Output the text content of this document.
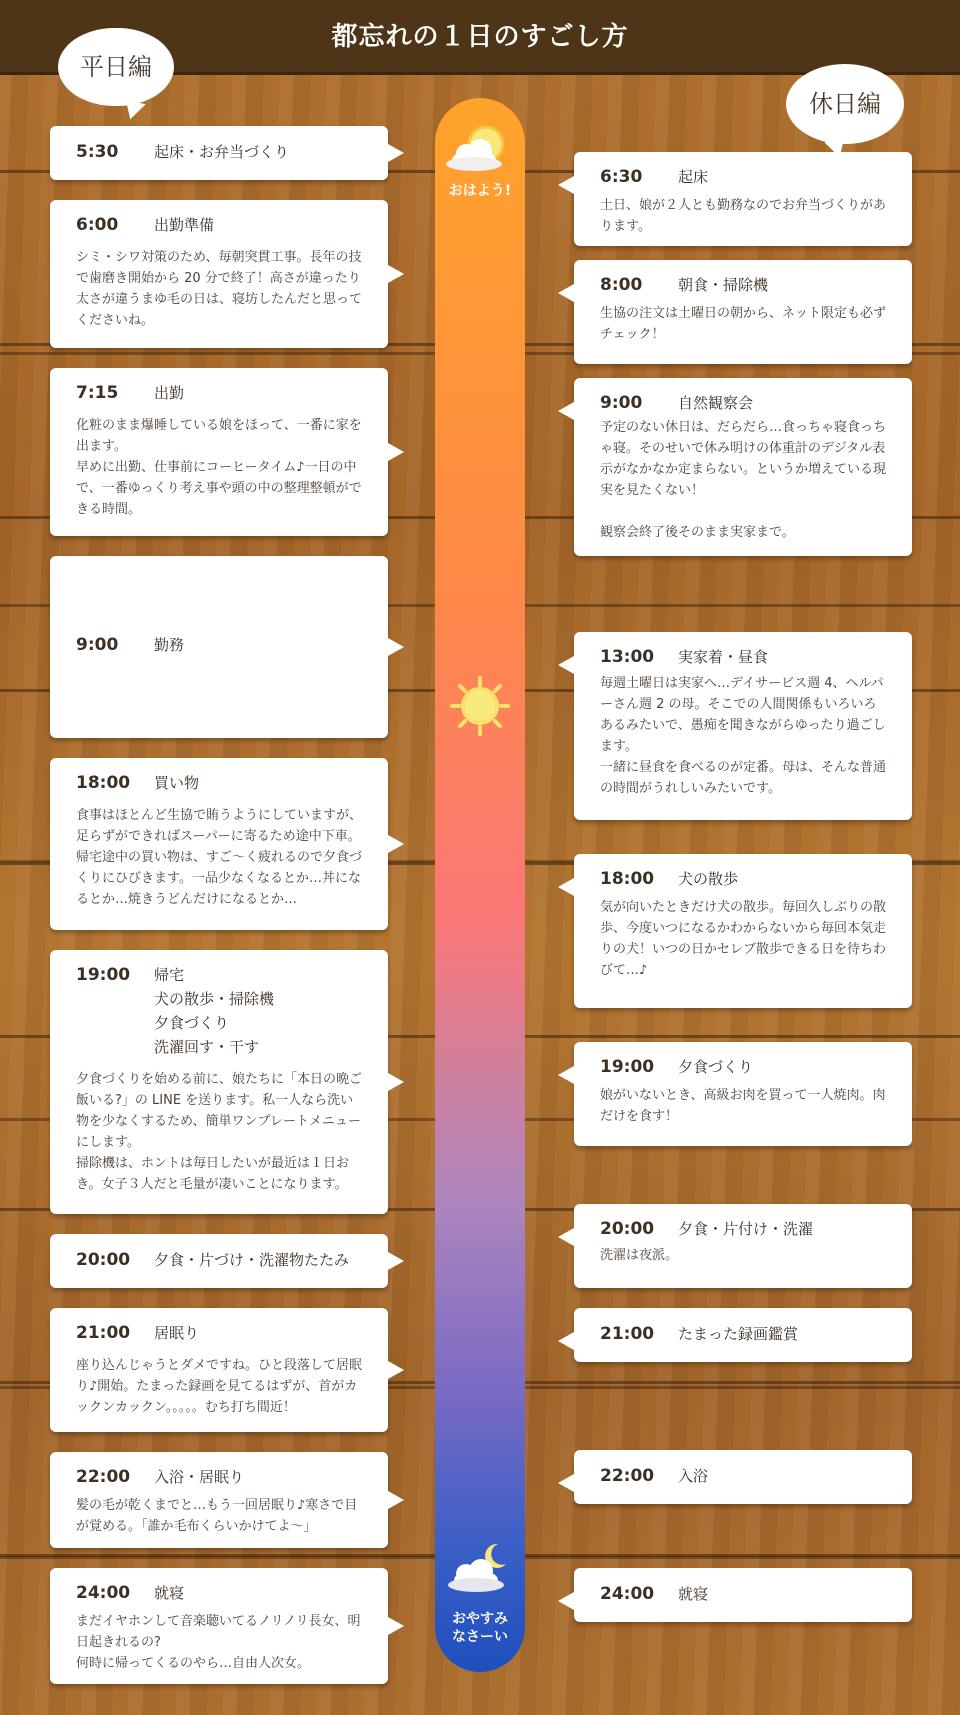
都忘れの１日のすごし方
平日編
休日編
おはよう!
おやすみ
なさーい
5:30	起床・お弁当づくり
6:00	出勤準備
シミ・シワ対策のため、毎朝突貫工事。長年の技で歯磨き開始から 20 分で終了！高さが違ったり太さが違うまゆ毛の日は、寝坊したんだと思ってくださいね。
7:15	出勤
化粧のまま爆睡している娘をほって、一番に家を出ます。
早めに出勤、仕事前にコーヒータイム♪一日の中で、一番ゆっくり考え事や頭の中の整理整頓ができる時間。
9:00	勤務
18:00	買い物
食事はほとんど生協で賄うようにしていますが、足らずができればスーパーに寄るため途中下車。帰宅途中の買い物は、すご～く疲れるので夕食づくりにひびきます。一品少なくなるとか…丼になるとか…焼きうどんだけになるとか…
19:00	帰宅
犬の散歩・掃除機
夕食づくり
洗濯回す・干す
夕食づくりを始める前に、娘たちに「本日の晩ご飯いる?」の LINE を送ります。私一人なら洗い物を少なくするため、簡単ワンプレートメニューにします。
掃除機は、ホントは毎日したいが最近は１日おき。女子３人だと毛量が凄いことになります。
20:00	夕食・片づけ・洗濯物たたみ
21:00	居眠り
座り込んじゃうとダメですね。ひと段落して居眠り♪開始。たまった録画を見てるはずが、首がカックンカックン。。。。。むち打ち間近！
22:00	入浴・居眠り
髪の毛が乾くまでと…もう一回居眠り♪寒さで目が覚める。「誰か毛布くらいかけてよ～」
24:00	就寝
まだイヤホンして音楽聴いてるノリノリ長女、明日起きれるの?
何時に帰ってくるのやら…自由人次女。
6:30	起床
土日、娘が２人とも勤務なのでお弁当づくりがあります。
8:00	朝食・掃除機
生協の注文は土曜日の朝から、ネット限定も必ずチェック！
9:00	自然観察会
予定のない休日は、だらだら…食っちゃ寝食っちゃ寝。そのせいで休み明けの体重計のデジタル表示がなかなか定まらない。というか増えている現実を見たくない！

観察会終了後そのまま実家まで。
13:00	実家着・昼食
毎週土曜日は実家へ…デイサービス週 4、ヘルパーさん週 2 の母。そこでの人間関係もいろいろあるみたいで、愚痴を聞きながらゆったり過ごします。
一緒に昼食を食べるのが定番。母は、そんな普通の時間がうれしいみたいです。
18:00	犬の散歩
気が向いたときだけ犬の散歩。毎回久しぶりの散歩、今度いつになるかわからないから毎回本気走りの犬！いつの日かセレブ散歩できる日を待ちわびて…♪
19:00	夕食づくり
娘がいないとき、高級お肉を買って一人焼肉。肉だけを食す！
20:00	夕食・片付け・洗濯
洗濯は夜派。
21:00	たまった録画鑑賞
22:00	入浴
24:00	就寝
